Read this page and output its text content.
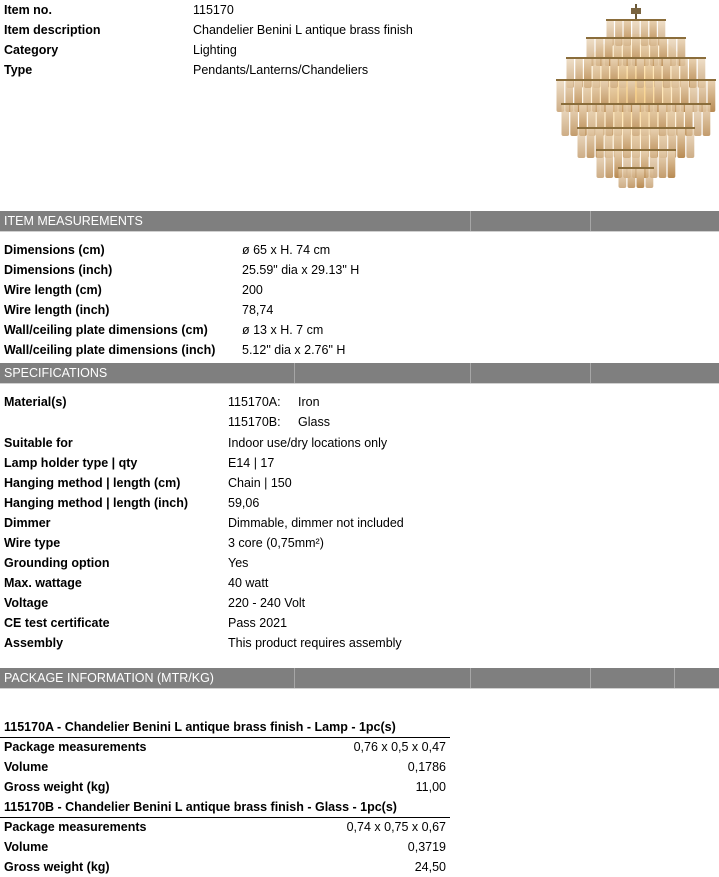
Item no.	115170
Item description	Chandelier Benini L antique brass finish
Category	Lighting
Type	Pendants/Lanterns/Chandeliers
ITEM MEASUREMENTS
Dimensions (cm)	ø 65 x H. 74 cm
Dimensions (inch)	25.59" dia x 29.13" H
Wire length (cm)	200
Wire length (inch)	78,74
Wall/ceiling plate dimensions (cm)	ø 13 x H. 7 cm
Wall/ceiling plate dimensions (inch) 5.12" dia x 2.76" H
SPECIFICATIONS
Material(s)	115170A: Iron
115170B: Glass
Suitable for	Indoor use/dry locations only
Lamp holder type | qty	E14 | 17
Hanging method | length (cm)	Chain | 150
Hanging method | length (inch)	59,06
Dimmer	Dimmable, dimmer not included
Wire type	3 core (0,75mm²)
Grounding option	Yes
Max. wattage	40 watt
Voltage	220 - 240 Volt
CE test certificate	Pass 2021
Assembly	This product requires assembly
PACKAGE INFORMATION (MTR/KG)
115170A - Chandelier Benini L antique brass finish - Lamp - 1pc(s)
Package measurements	0,76 x 0,5 x 0,47
Volume	0,1786
Gross weight (kg)	11,00
115170B - Chandelier Benini L antique brass finish - Glass - 1pc(s)
Package measurements	0,74 x 0,75 x 0,67
Volume	0,3719
Gross weight (kg)	24,50
